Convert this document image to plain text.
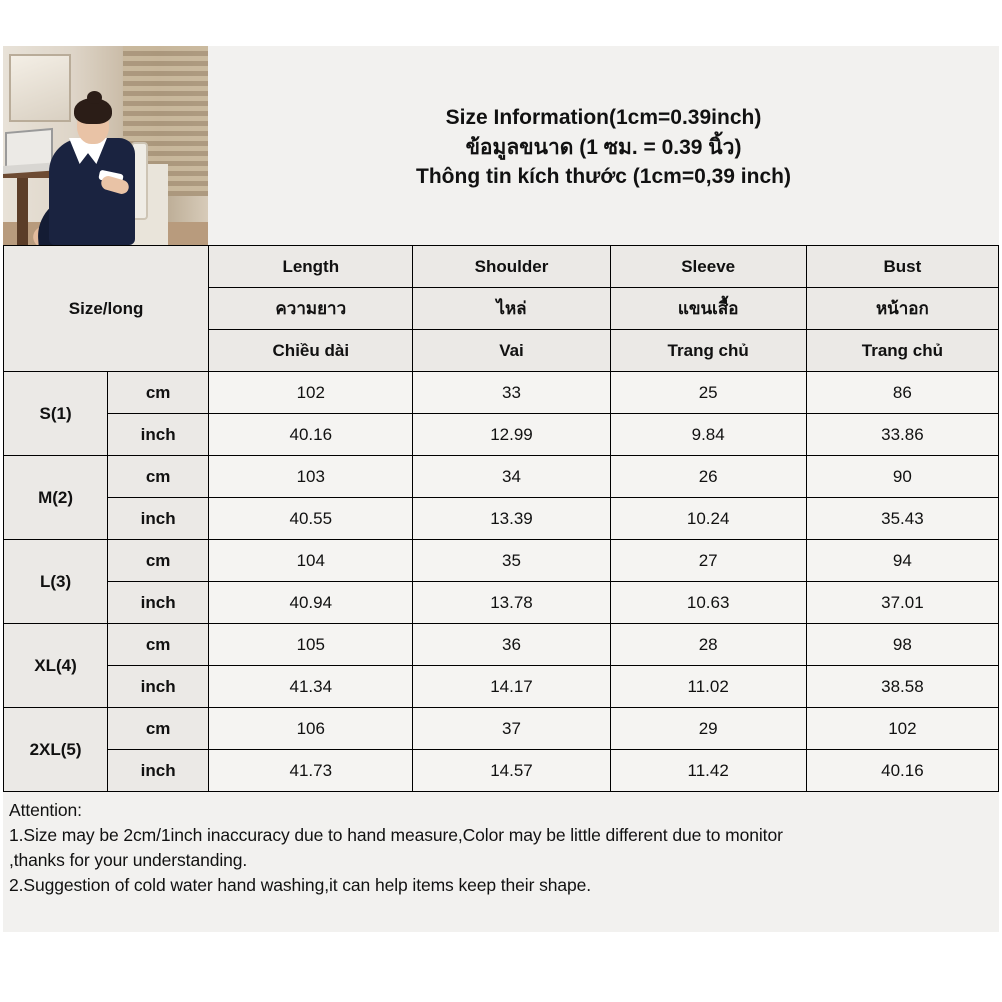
Size Information(1cm=0.39inch)
ข้อมูลขนาด (1 ซม. = 0.39 นิ้ว)
Thông tin kích thước (1cm=0,39 inch)
Size/long		Length	Shoulder	Sleeve	Bust
		ความยาว	ไหล่	แขนเสื้อ	หน้าอก
		Chiều dài	Vai	Trang chủ	Trang chủ
S(1)	cm	102	33	25	86
	inch	40.16	12.99	9.84	33.86
M(2)	cm	103	34	26	90
	inch	40.55	13.39	10.24	35.43
L(3)	cm	104	35	27	94
	inch	40.94	13.78	10.63	37.01
XL(4)	cm	105	36	28	98
	inch	41.34	14.17	11.02	38.58
2XL(5)	cm	106	37	29	102
	inch	41.73	14.57	11.42	40.16

Attention:

1.Size may be 2cm/1inch inaccuracy due to hand measure,Color may be little different due to monitor

,thanks for your understanding.

2.Suggestion of cold water hand washing,it can help items keep their shape.
